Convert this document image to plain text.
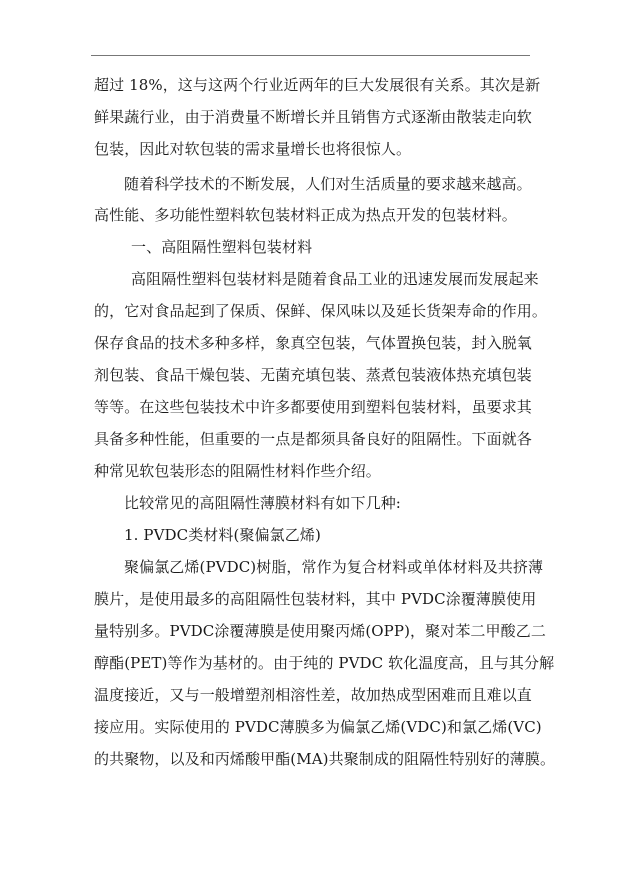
超过 18%，这与这两个行业近两年的巨大发展很有关系。其次是新
鲜果蔬行业，由于消费量不断增长并且销售方式逐渐由散装走向软
包装，因此对软包装的需求量增长也将很惊人。
随着科学技术的不断发展，人们对生活质量的要求越来越高。
高性能、多功能性塑料软包装材料正成为热点开发的包装材料。
一、高阻隔性塑料包装材料
高阻隔性塑料包装材料是随着食品工业的迅速发展而发展起来
的，它对食品起到了保质、保鲜、保风味以及延长货架寿命的作用。
保存食品的技术多种多样，象真空包装，气体置换包装，封入脱氧
剂包装、食品干燥包装、无菌充填包装、蒸煮包装液体热充填包装
等等。在这些包装技术中许多都要使用到塑料包装材料，虽要求其
具备多种性能，但重要的一点是都须具备良好的阻隔性。下面就各
种常见软包装形态的阻隔性材料作些介绍。
比较常见的高阻隔性薄膜材料有如下几种:
1. PVDC类材料(聚偏氯乙烯)
聚偏氯乙烯(PVDC)树脂，常作为复合材料或单体材料及共挤薄
膜片，是使用最多的高阻隔性包装材料，其中 PVDC涂覆薄膜使用
量特别多。PVDC涂覆薄膜是使用聚丙烯(OPP)，聚对苯二甲酸乙二
醇酯(PET)等作为基材的。由于纯的 PVDC 软化温度高，且与其分解
温度接近，又与一般增塑剂相溶性差，故加热成型困难而且难以直
接应用。实际使用的 PVDC薄膜多为偏氯乙烯(VDC)和氯乙烯(VC)
的共聚物，以及和丙烯酸甲酯(MA)共聚制成的阻隔性特别好的薄膜。
